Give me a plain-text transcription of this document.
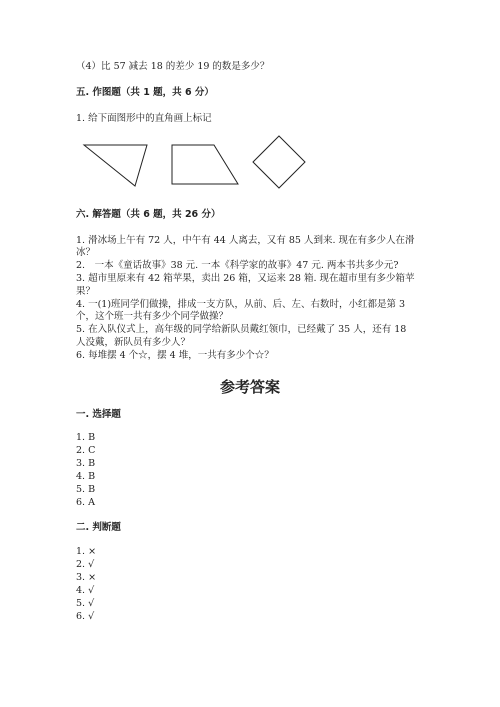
（4）比 57 减去 18 的差少 19 的数是多少？
五. 作图题（共 1 题，共 6 分）
1. 给下面图形中的直角画上标记
六. 解答题（共 6 题，共 26 分）
1. 滑冰场上午有 72 人，中午有 44 人离去，又有 85 人到来. 现在有多少人在滑
冰？
2.　一本《童话故事》38 元. 一本《科学家的故事》47 元. 两本书共多少元?
3. 超市里原来有 42 箱苹果，卖出 26 箱，又运来 28 箱. 现在超市里有多少箱苹
果？
4. 一(1)班同学们做操，排成一支方队，从前、后、左、右数时，小红都是第 3
个，这个班一共有多少个同学做操？
5. 在入队仪式上，高年级的同学给新队员戴红领巾，已经戴了 35 人，还有 18
人没戴，新队员有多少人？
6. 每堆摆 4 个☆，摆 4 堆，一共有多少个☆？
参考答案
一. 选择题
1. B
2. C
3. B
4. B
5. B
6. A
二. 判断题
1. ×
2. √
3. ×
4. √
5. √
6. √
